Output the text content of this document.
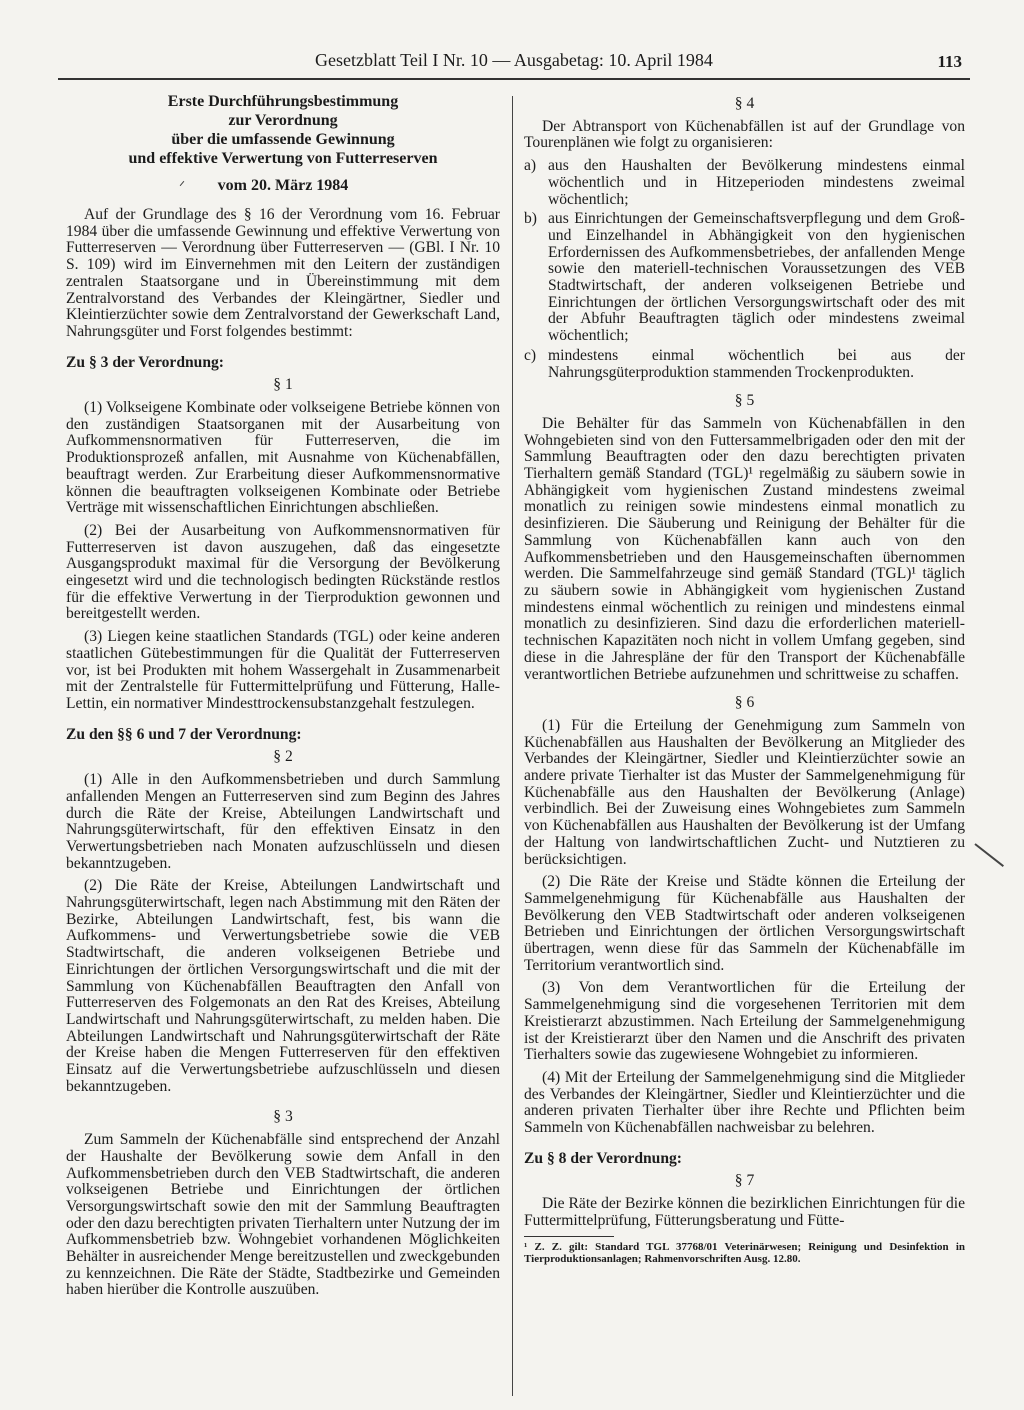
Gesetzblatt Teil I Nr. 10 — Ausgabetag: 10. April 1984	113
Erste Durchführungsbestimmung
zur Verordnung
über die umfassende Gewinnung
und effektive Verwertung von Futterreserven
vom 20. März 1984

Auf der Grundlage des § 16 der Verordnung vom 16. Februar 1984 über die umfassende Gewinnung und effektive Verwertung von Futterreserven — Verordnung über Futterreserven — (GBl. I Nr. 10 S. 109) wird im Einvernehmen mit den Leitern der zuständigen zentralen Staatsorgane und in Übereinstimmung mit dem Zentralvorstand des Verbandes der Kleingärtner, Siedler und Kleintierzüchter sowie dem Zentralvorstand der Gewerkschaft Land, Nahrungsgüter und Forst folgendes bestimmt:

Zu § 3 der Verordnung:
§ 1

(1) Volkseigene Kombinate oder volkseigene Betriebe können von den zuständigen Staatsorganen mit der Ausarbeitung von Aufkommensnormativen für Futterreserven, die im Produktionsprozeß anfallen, mit Ausnahme von Küchenabfällen, beauftragt werden. Zur Erarbeitung dieser Aufkommensnormative können die beauftragten volkseigenen Kombinate oder Betriebe Verträge mit wissenschaftlichen Einrichtungen abschließen.

(2) Bei der Ausarbeitung von Aufkommensnormativen für Futterreserven ist davon auszugehen, daß das eingesetzte Ausgangsprodukt maximal für die Versorgung der Bevölkerung eingesetzt wird und die technologisch bedingten Rückstände restlos für die effektive Verwertung in der Tierproduktion gewonnen und bereitgestellt werden.

(3) Liegen keine staatlichen Standards (TGL) oder keine anderen staatlichen Gütebestimmungen für die Qualität der Futterreserven vor, ist bei Produkten mit hohem Wassergehalt in Zusammenarbeit mit der Zentralstelle für Futtermittelprüfung und Fütterung, Halle-Lettin, ein normativer Mindesttrockensubstanzgehalt festzulegen.

Zu den §§ 6 und 7 der Verordnung:
§ 2

(1) Alle in den Aufkommensbetrieben und durch Sammlung anfallenden Mengen an Futterreserven sind zum Beginn des Jahres durch die Räte der Kreise, Abteilungen Landwirtschaft und Nahrungsgüterwirtschaft, für den effektiven Einsatz in den Verwertungsbetrieben nach Monaten aufzuschlüsseln und diesen bekanntzugeben.

(2) Die Räte der Kreise, Abteilungen Landwirtschaft und Nahrungsgüterwirtschaft, legen nach Abstimmung mit den Räten der Bezirke, Abteilungen Landwirtschaft, fest, bis wann die Aufkommens- und Verwertungsbetriebe sowie die VEB Stadtwirtschaft, die anderen volkseigenen Betriebe und Einrichtungen der örtlichen Versorgungswirtschaft und die mit der Sammlung von Küchenabfällen Beauftragten den Anfall von Futterreserven des Folgemonats an den Rat des Kreises, Abteilung Landwirtschaft und Nahrungsgüterwirtschaft, zu melden haben. Die Abteilungen Landwirtschaft und Nahrungsgüterwirtschaft der Räte der Kreise haben die Mengen Futterreserven für den effektiven Einsatz auf die Verwertungsbetriebe aufzuschlüsseln und diesen bekanntzugeben.

§ 3

Zum Sammeln der Küchenabfälle sind entsprechend der Anzahl der Haushalte der Bevölkerung sowie dem Anfall in den Aufkommensbetrieben durch den VEB Stadtwirtschaft, die anderen volkseigenen Betriebe und Einrichtungen der örtlichen Versorgungswirtschaft sowie den mit der Sammlung Beauftragten oder den dazu berechtigten privaten Tierhaltern unter Nutzung der im Aufkommensbetrieb bzw. Wohngebiet vorhandenen Möglichkeiten Behälter in ausreichender Menge bereitzustellen und zweckgebunden zu kennzeichnen. Die Räte der Städte, Stadtbezirke und Gemeinden haben hierüber die Kontrolle auszuüben.

§ 4

Der Abtransport von Küchenabfällen ist auf der Grundlage von Tourenplänen wie folgt zu organisieren:

a) aus den Haushalten der Bevölkerung mindestens einmal wöchentlich und in Hitzeperioden mindestens zweimal wöchentlich;
b) aus Einrichtungen der Gemeinschaftsverpflegung und dem Groß- und Einzelhandel in Abhängigkeit von den hygienischen Erfordernissen des Aufkommensbetriebes, der anfallenden Menge sowie den materiell-technischen Voraussetzungen des VEB Stadtwirtschaft, der anderen volkseigenen Betriebe und Einrichtungen der örtlichen Versorgungswirtschaft oder des mit der Abfuhr Beauftragten täglich oder mindestens zweimal wöchentlich;
c) mindestens einmal wöchentlich bei aus der Nahrungsgüterproduktion stammenden Trockenprodukten.
§ 5

Die Behälter für das Sammeln von Küchenabfällen in den Wohngebieten sind von den Futtersammelbrigaden oder den mit der Sammlung Beauftragten oder den dazu berechtigten privaten Tierhaltern gemäß Standard (TGL)¹ regelmäßig zu säubern sowie in Abhängigkeit vom hygienischen Zustand mindestens zweimal monatlich zu reinigen sowie mindestens einmal monatlich zu desinfizieren. Die Säuberung und Reinigung der Behälter für die Sammlung von Küchenabfällen kann auch von den Aufkommensbetrieben und den Hausgemeinschaften übernommen werden. Die Sammelfahrzeuge sind gemäß Standard (TGL)¹ täglich zu säubern sowie in Abhängigkeit vom hygienischen Zustand mindestens einmal wöchentlich zu reinigen und mindestens einmal monatlich zu desinfizieren. Sind dazu die erforderlichen materiell-technischen Kapazitäten noch nicht in vollem Umfang gegeben, sind diese in die Jahrespläne der für den Transport der Küchenabfälle verantwortlichen Betriebe aufzunehmen und schrittweise zu schaffen.

§ 6

(1) Für die Erteilung der Genehmigung zum Sammeln von Küchenabfällen aus Haushalten der Bevölkerung an Mitglieder des Verbandes der Kleingärtner, Siedler und Kleintierzüchter sowie an andere private Tierhalter ist das Muster der Sammelgenehmigung für Küchenabfälle aus den Haushalten der Bevölkerung (Anlage) verbindlich. Bei der Zuweisung eines Wohngebietes zum Sammeln von Küchenabfällen aus Haushalten der Bevölkerung ist der Umfang der Haltung von landwirtschaftlichen Zucht- und Nutztieren zu berücksichtigen.

(2) Die Räte der Kreise und Städte können die Erteilung der Sammelgenehmigung für Küchenabfälle aus Haushalten der Bevölkerung den VEB Stadtwirtschaft oder anderen volkseigenen Betrieben und Einrichtungen der örtlichen Versorgungswirtschaft übertragen, wenn diese für das Sammeln der Küchenabfälle im Territorium verantwortlich sind.

(3) Von dem Verantwortlichen für die Erteilung der Sammelgenehmigung sind die vorgesehenen Territorien mit dem Kreistierarzt abzustimmen. Nach Erteilung der Sammelgenehmigung ist der Kreistierarzt über den Namen und die Anschrift des privaten Tierhalters sowie das zugewiesene Wohngebiet zu informieren.

(4) Mit der Erteilung der Sammelgenehmigung sind die Mitglieder des Verbandes der Kleingärtner, Siedler und Kleintierzüchter und die anderen privaten Tierhalter über ihre Rechte und Pflichten beim Sammeln von Küchenabfällen nachweisbar zu belehren.

Zu § 8 der Verordnung:
§ 7

Die Räte der Bezirke können die bezirklichen Einrichtungen für die Futtermittelprüfung, Fütterungsberatung und Fütte-

¹ Z. Z. gilt: Standard TGL 37768/01 Veterinärwesen; Reinigung und Desinfektion in Tierproduktionsanlagen; Rahmenvorschriften Ausg. 12.80.
